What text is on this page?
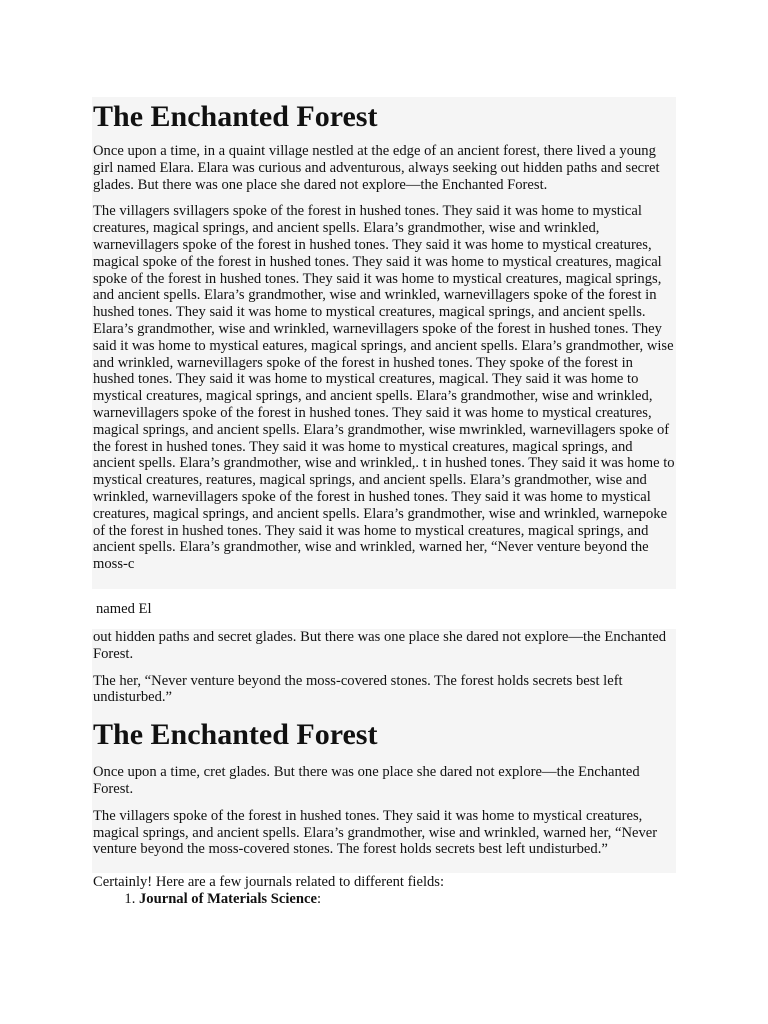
The Enchanted Forest

Once upon a time, in a quaint village nestled at the edge of an ancient forest, there lived a young girl named Elara. Elara was curious and adventurous, always seeking out hidden paths and secret glades. But there was one place she dared not explore—the Enchanted Forest.

The villagers svillagers spoke of the forest in hushed tones. They said it was home to mystical creatures, magical springs, and ancient spells. Elara’s grandmother, wise and wrinkled, warnevillagers spoke of the forest in hushed tones. They said it was home to mystical creatures, magical spoke of the forest in hushed tones. They said it was home to mystical creatures, magical spoke of the forest in hushed tones. They said it was home to mystical creatures, magical springs, and ancient spells. Elara’s grandmother, wise and wrinkled, warnevillagers spoke of the forest in hushed tones. They said it was home to mystical creatures, magical springs, and ancient spells. Elara’s grandmother, wise and wrinkled, warnevillagers spoke of the forest in hushed tones. They said it was home to mystical eatures, magical springs, and ancient spells. Elara’s grandmother, wise and wrinkled, warnevillagers spoke of the forest in hushed tones. They spoke of the forest in hushed tones. They said it was home to mystical creatures, magical. They said it was home to mystical creatures, magical springs, and ancient spells. Elara’s grandmother, wise and wrinkled, warnevillagers spoke of the forest in hushed tones. They said it was home to mystical creatures, magical springs, and ancient spells. Elara’s grandmother, wise mwrinkled, warnevillagers spoke of the forest in hushed tones. They said it was home to mystical creatures, magical springs, and ancient spells. Elara’s grandmother, wise and wrinkled,. t in hushed tones. They said it was home to mystical creatures, reatures, magical springs, and ancient spells. Elara’s grandmother, wise and wrinkled, warnevillagers spoke of the forest in hushed tones. They said it was home to mystical creatures, magical springs, and ancient spells. Elara’s grandmother, wise and wrinkled, warnepoke of the forest in hushed tones. They said it was home to mystical creatures, magical springs, and ancient spells. Elara’s grandmother, wise and wrinkled, warned her, “Never venture beyond the moss-c

named El

out hidden paths and secret glades. But there was one place she dared not explore—the Enchanted Forest.

The her, “Never venture beyond the moss-covered stones. The forest holds secrets best left undisturbed.”

The Enchanted Forest

Once upon a time, cret glades. But there was one place she dared not explore—the Enchanted Forest.

The villagers spoke of the forest in hushed tones. They said it was home to mystical creatures, magical springs, and ancient spells. Elara’s grandmother, wise and wrinkled, warned her, “Never venture beyond the moss-covered stones. The forest holds secrets best left undisturbed.”

Certainly! Here are a few journals related to different fields:
1. Journal of Materials Science:
